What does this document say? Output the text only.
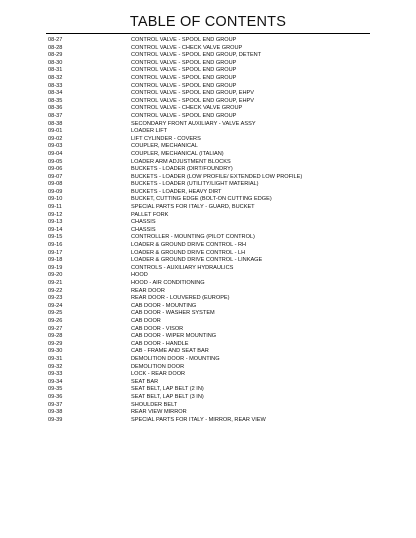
TABLE OF CONTENTS
08-27	CONTROL VALVE - SPOOL END GROUP
08-28	CONTROL VALVE - CHECK VALVE GROUP
08-29	CONTROL VALVE - SPOOL END GROUP, DETENT
08-30	CONTROL VALVE - SPOOL END GROUP
08-31	CONTROL VALVE - SPOOL END GROUP
08-32	CONTROL VALVE - SPOOL END GROUP
08-33	CONTROL VALVE - SPOOL END GROUP
08-34	CONTROL VALVE - SPOOL END GROUP, EHPV
08-35	CONTROL VALVE - SPOOL END GROUP, EHPV
08-36	CONTROL VALVE - CHECK VALVE GROUP
08-37	CONTROL VALVE - SPOOL END GROUP
08-38	SECONDARY FRONT AUXILIARY - VALVE ASSY
09-01	LOADER LIFT
09-02	LIFT CYLINDER - COVERS
09-03	COUPLER, MECHANICAL
09-04	COUPLER, MECHANICAL (ITALIAN)
09-05	LOADER ARM ADJUSTMENT BLOCKS
09-06	BUCKETS - LOADER (DIRT/FOUNDRY)
09-07	BUCKETS - LOADER (LOW PROFILE/ EXTENDED LOW PROFILE)
09-08	BUCKETS - LOADER (UTILITY/LIGHT MATERIAL)
09-09	BUCKETS - LOADER, HEAVY DIRT
09-10	BUCKET, CUTTING EDGE (BOLT-ON CUTTING EDGE)
09-11	SPECIAL PARTS FOR ITALY - GUARD, BUCKET
09-12	PALLET FORK
09-13	CHASSIS
09-14	CHASSIS
09-15	CONTROLLER - MOUNTING (PILOT CONTROL)
09-16	LOADER & GROUND DRIVE CONTROL - RH
09-17	LOADER & GROUND DRIVE CONTROL - LH
09-18	LOADER & GROUND DRIVE CONTROL - LINKAGE
09-19	CONTROLS - AUXILIARY HYDRAULICS
09-20	HOOD
09-21	HOOD - AIR CONDITIONING
09-22	REAR DOOR
09-23	REAR DOOR - LOUVERED (EUROPE)
09-24	CAB DOOR - MOUNTING
09-25	CAB DOOR - WASHER SYSTEM
09-26	CAB DOOR
09-27	CAB DOOR - VISOR
09-28	CAB DOOR - WIPER MOUNTING
09-29	CAB DOOR - HANDLE
09-30	CAB - FRAME AND SEAT BAR
09-31	DEMOLITION DOOR - MOUNTING
09-32	DEMOLITION DOOR
09-33	LOCK - REAR DOOR
09-34	SEAT BAR
09-35	SEAT BELT, LAP BELT (2 IN)
09-36	SEAT BELT, LAP BELT (3 IN)
09-37	SHOULDER BELT
09-38	REAR VIEW MIRROR
09-39	SPECIAL PARTS FOR ITALY - MIRROR, REAR VIEW
